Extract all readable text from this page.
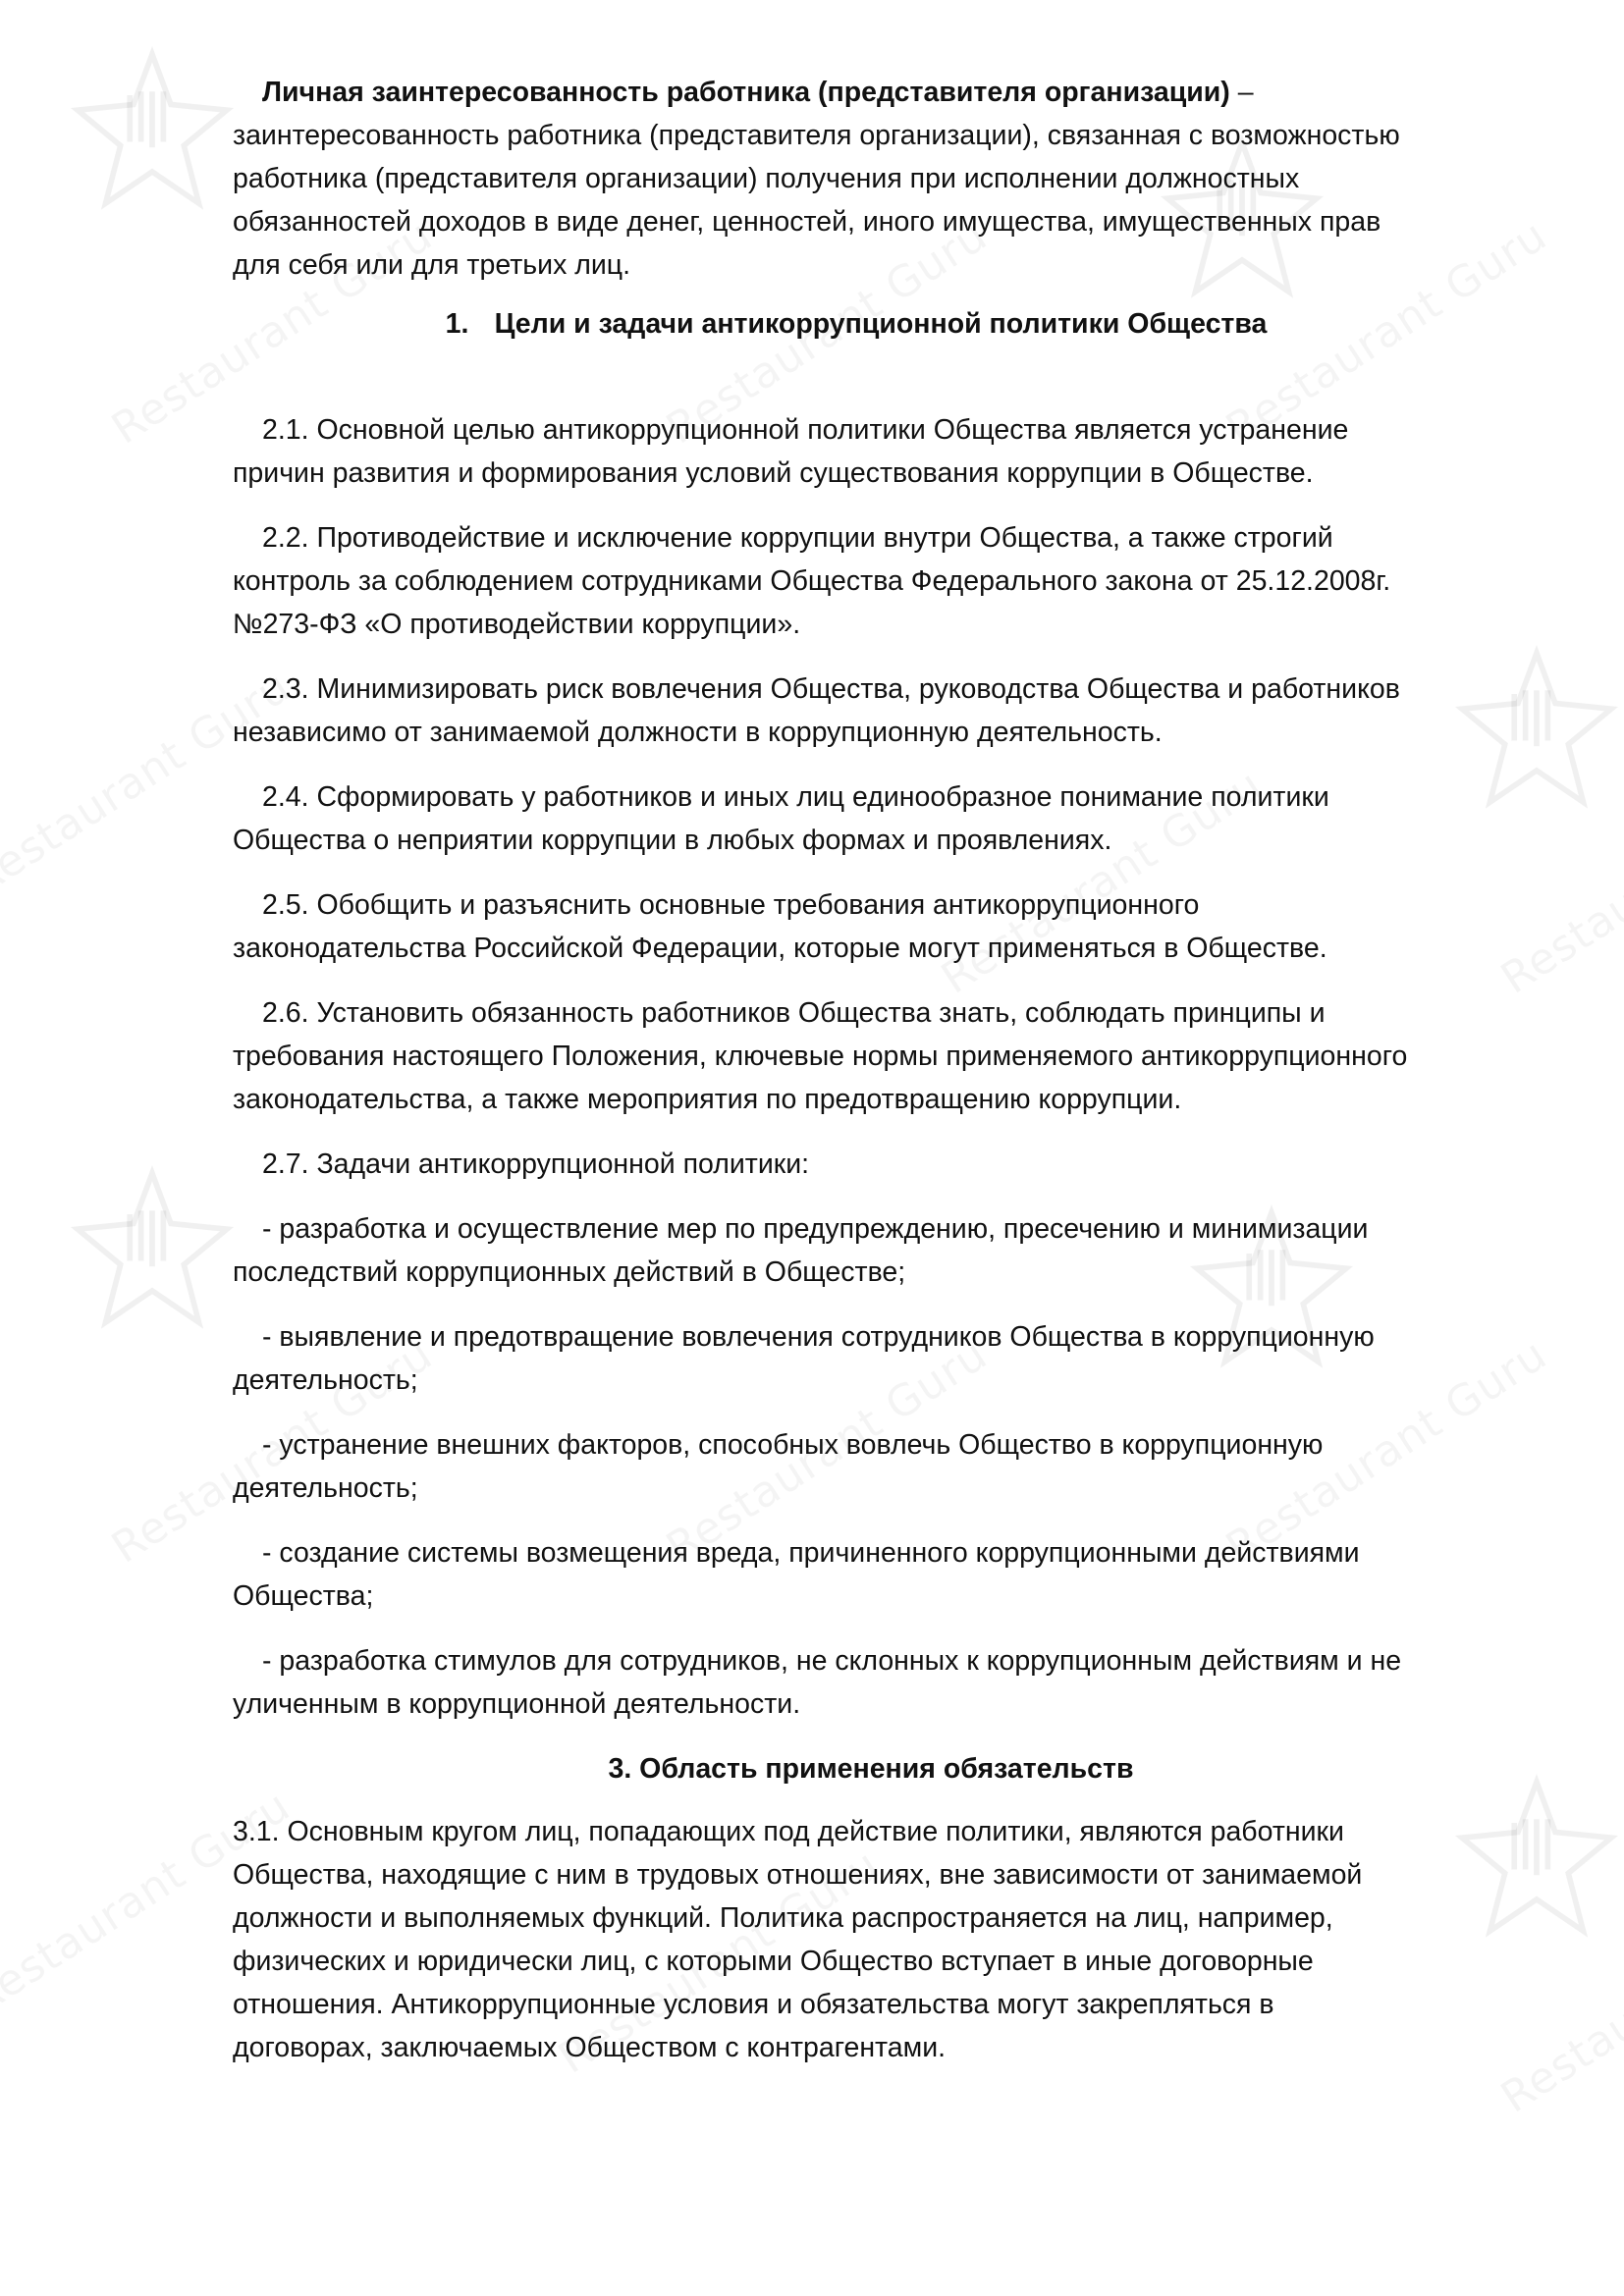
Личная заинтересованность работника (представителя организации) – заинтересованность работника (представителя организации), связанная с возможностью работника (представителя организации) получения при исполнении должностных обязанностей доходов в виде денег, ценностей, иного имущества, имущественных прав для себя или для третьих лиц.

1. Цели и задачи антикоррупционной политики Общества

2.1. Основной целью антикоррупционной политики Общества является устранение причин развития и формирования условий существования коррупции в Обществе.

2.2. Противодействие и исключение коррупции внутри Общества, а также строгий контроль за соблюдением сотрудниками Общества Федерального закона от 25.12.2008г. №273-ФЗ «О противодействии коррупции».

2.3. Минимизировать риск вовлечения Общества, руководства Общества и работников независимо от занимаемой должности в коррупционную деятельность.

2.4. Сформировать у работников и иных лиц единообразное понимание политики Общества о неприятии коррупции в любых формах и проявлениях.

2.5. Обобщить и разъяснить основные требования антикоррупционного законодательства Российской Федерации, которые могут применяться в Обществе.

2.6. Установить обязанность работников Общества знать, соблюдать принципы и требования настоящего Положения, ключевые нормы применяемого антикоррупционного законодательства, а также мероприятия по предотвращению коррупции.

2.7. Задачи антикоррупционной политики:

- разработка и осуществление мер по предупреждению, пресечению и минимизации последствий коррупционных действий в Обществе;

- выявление и предотвращение вовлечения сотрудников Общества в коррупционную деятельность;

- устранение внешних факторов, способных вовлечь Общество в коррупционную деятельность;

- создание системы возмещения вреда, причиненного коррупционными действиями Общества;

- разработка стимулов для сотрудников, не склонных к коррупционным действиям и не уличенным в коррупционной деятельности.

3. Область применения обязательств

3.1. Основным кругом лиц, попадающих под действие политики, являются работники Общества, находящие с ним в трудовых отношениях, вне зависимости от занимаемой должности и выполняемых функций. Политика распространяется на лиц, например, физических и юридически лиц, с которыми Общество вступает в иные договорные отношения. Антикоррупционные условия и обязательства могут закрепляться в договорах, заключаемых Обществом с контрагентами.
